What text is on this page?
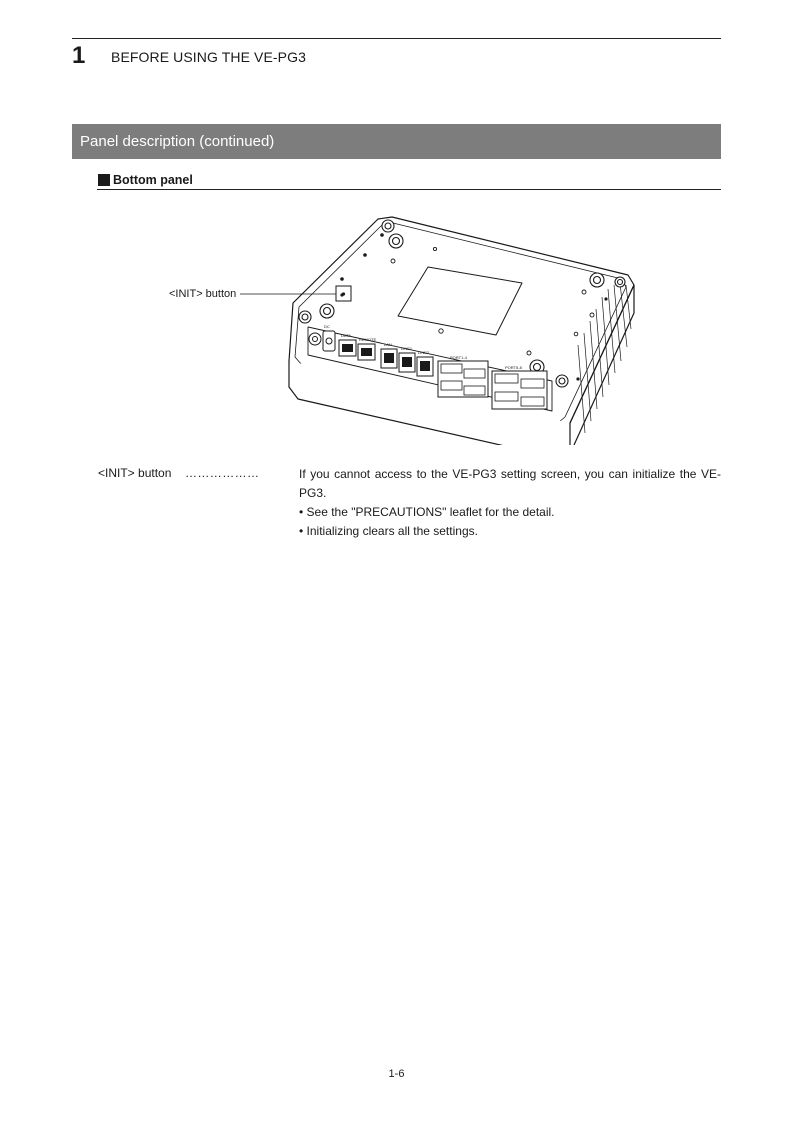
1 BEFORE USING THE VE-PG3
Panel description (continued)
Bottom panel
DC
DATA
REMOTE
LAN
LINE1
LINE2
PORT1-4
PORT5-8
<INIT> button
<INIT> button ………………	If you cannot access to the VE-PG3 setting screen, you can initialize the VE-PG3.

• See the "PRECAUTIONS" leaflet for the detail.
• Initializing clears all the settings.
1-6
